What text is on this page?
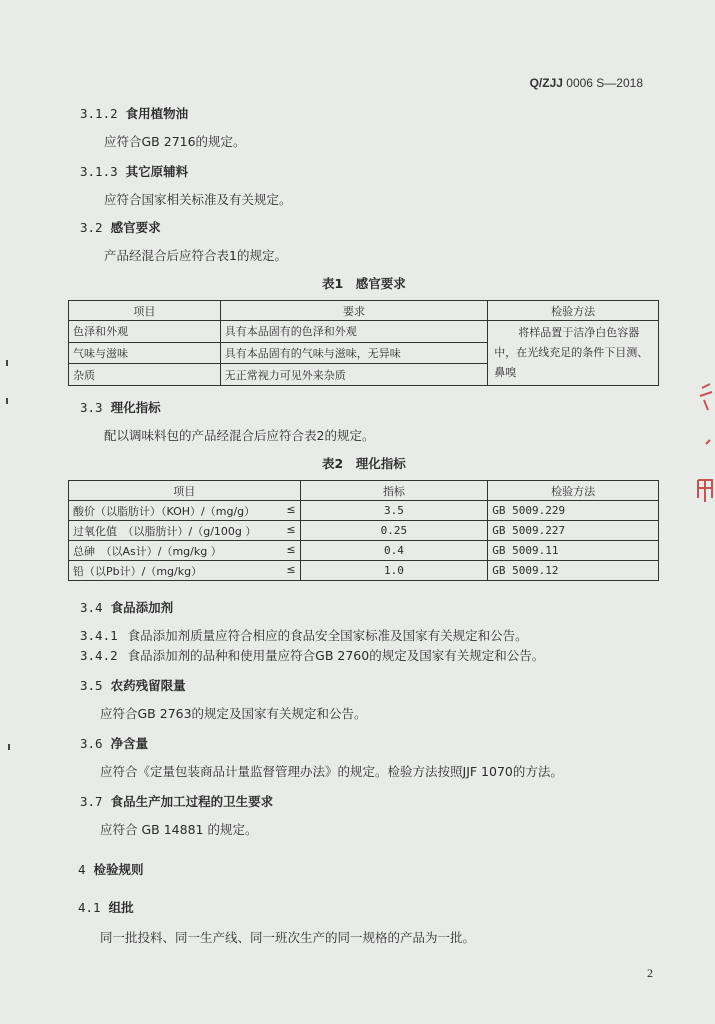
Q/ZJJ 0006 S—2018
3.1.2 食用植物油
应符合GB 2716的规定。
3.1.3 其它原辅料
应符合国家相关标准及有关规定。
3.2 感官要求
产品经混合后应符合表1的规定。
表1　感官要求
项目	要求	检验方法
色泽和外观	具有本品固有的色泽和外观	将样品置于洁净白色容器中，在光线充足的条件下目测、鼻嗅
气味与滋味	具有本品固有的气味与滋味，无异味	
杂质	无正常视力可见外来杂质	
3.3 理化指标
配以调味料包的产品经混合后应符合表2的规定。
表2　理化指标
项目	指标	检验方法
酸价（以脂肪计）（KOH）/（mg/g） ≤	3.5	GB 5009.229
过氧化值　（以脂肪计）/（g/100g ） ≤	0.25	GB 5009.227
总砷　（以As计）/（mg/kg ） ≤	0.4	GB 5009.11
铅（以Pb计）/（mg/kg） ≤	1.0	GB 5009.12
3.4 食品添加剂
3.4.1 食品添加剂质量应符合相应的食品安全国家标准及国家有关规定和公告。
3.4.2 食品添加剂的品种和使用量应符合GB 2760的规定及国家有关规定和公告。
3.5 农药残留限量
应符合GB 2763的规定及国家有关规定和公告。
3.6 净含量
应符合《定量包装商品计量监督管理办法》的规定。检验方法按照JJF 1070的方法。
3.7 食品生产加工过程的卫生要求
应符合 GB 14881 的规定。
4 检验规则
4.1 组批
同一批投料、同一生产线、同一班次生产的同一规格的产品为一批。
2
